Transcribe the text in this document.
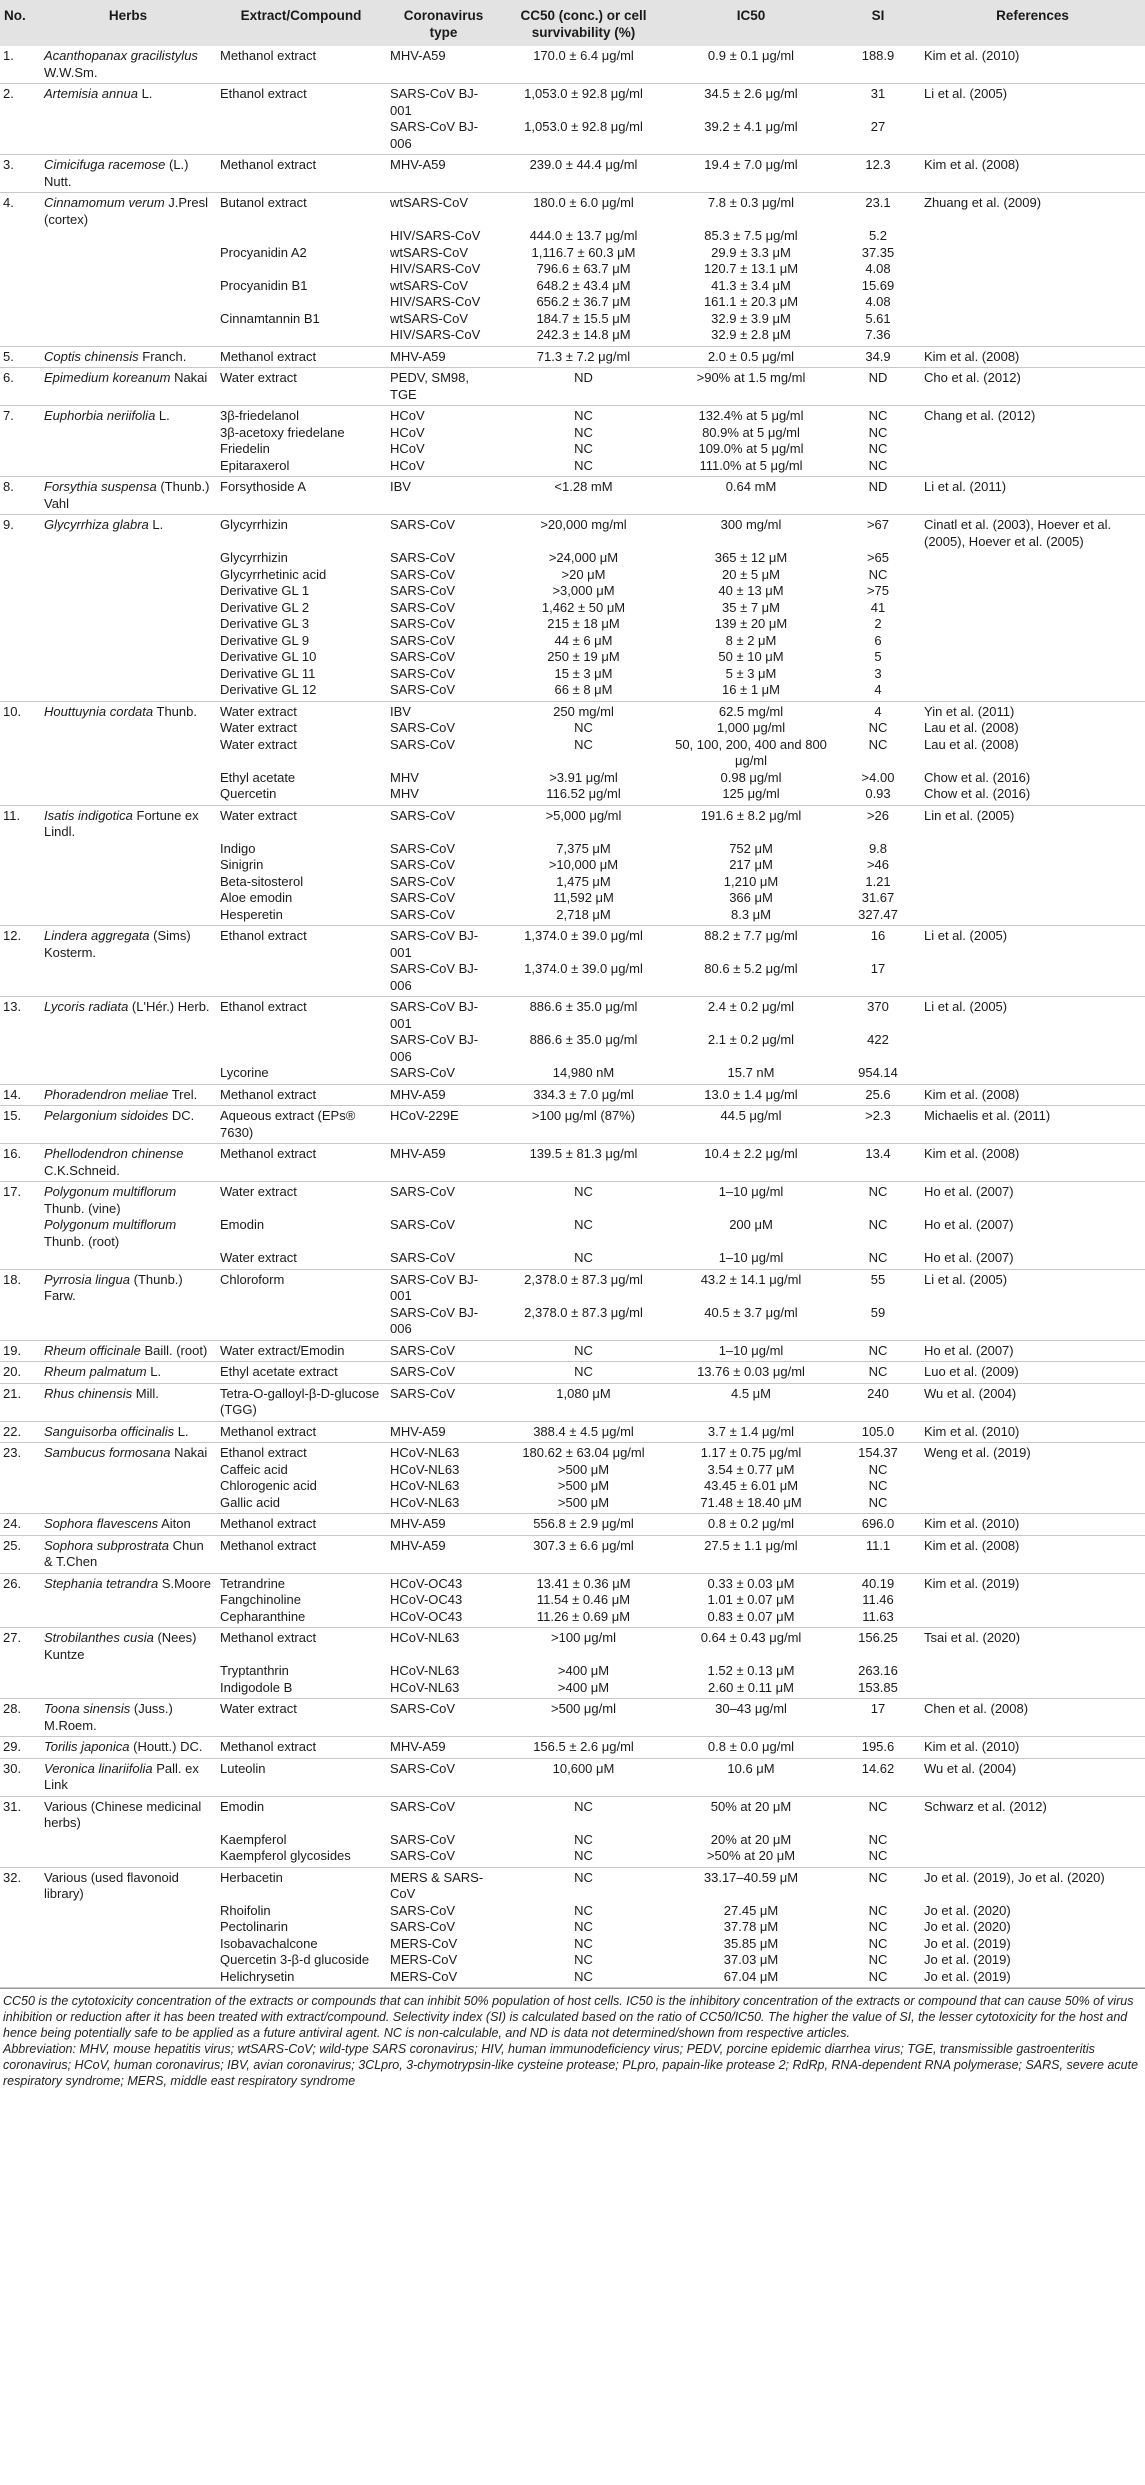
No.	Herbs	Extract/Compound	Coronavirus type	CC50 (conc.) or cell survivability (%)	IC50	SI	References
1.	Acanthopanax gracilistylus W.W.Sm.	Methanol extract	MHV-A59	170.0 ± 6.4 μg/ml	0.9 ± 0.1 μg/ml	188.9	Kim et al. (2010)
2.	Artemisia annua L.	Ethanol extract	SARS-CoV BJ-001	1,053.0 ± 92.8 μg/ml	34.5 ± 2.6 μg/ml	31	Li et al. (2005)
			SARS-CoV BJ-006	1,053.0 ± 92.8 μg/ml	39.2 ± 4.1 μg/ml	27	
3.	Cimicifuga racemose (L.) Nutt.	Methanol extract	MHV-A59	239.0 ± 44.4 μg/ml	19.4 ± 7.0 μg/ml	12.3	Kim et al. (2008)
4.	Cinnamomum verum J.Presl (cortex)	Butanol extract	wtSARS-CoV	180.0 ± 6.0 μg/ml	7.8 ± 0.3 μg/ml	23.1	Zhuang et al. (2009)
			HIV/SARS-CoV	444.0 ± 13.7 μg/ml	85.3 ± 7.5 μg/ml	5.2	
		Procyanidin A2	wtSARS-CoV	1,116.7 ± 60.3 μM	29.9 ± 3.3 μM	37.35	
			HIV/SARS-CoV	796.6 ± 63.7 μM	120.7 ± 13.1 μM	4.08	
		Procyanidin B1	wtSARS-CoV	648.2 ± 43.4 μM	41.3 ± 3.4 μM	15.69	
			HIV/SARS-CoV	656.2 ± 36.7 μM	161.1 ± 20.3 μM	4.08	
		Cinnamtannin B1	wtSARS-CoV	184.7 ± 15.5 μM	32.9 ± 3.9 μM	5.61	
			HIV/SARS-CoV	242.3 ± 14.8 μM	32.9 ± 2.8 μM	7.36	
5.	Coptis chinensis Franch.	Methanol extract	MHV-A59	71.3 ± 7.2 μg/ml	2.0 ± 0.5 μg/ml	34.9	Kim et al. (2008)
6.	Epimedium koreanum Nakai	Water extract	PEDV, SM98, TGE	ND	>90% at 1.5 mg/ml	ND	Cho et al. (2012)
7.	Euphorbia neriifolia L.	3β-friedelanol	HCoV	NC	132.4% at 5 μg/ml	NC	Chang et al. (2012)
		3β-acetoxy friedelane	HCoV	NC	80.9% at 5 μg/ml	NC	
		Friedelin	HCoV	NC	109.0% at 5 μg/ml	NC	
		Epitaraxerol	HCoV	NC	111.0% at 5 μg/ml	NC	
8.	Forsythia suspensa (Thunb.) Vahl	Forsythoside A	IBV	<1.28 mM	0.64 mM	ND	Li et al. (2011)
9.	Glycyrrhiza glabra L.	Glycyrrhizin	SARS-CoV	>20,000 mg/ml	300 mg/ml	>67	Cinatl et al. (2003), Hoever et al. (2005), Hoever et al. (2005)
		Glycyrrhizin	SARS-CoV	>24,000 μM	365 ± 12 μM	>65	
		Glycyrrhetinic acid	SARS-CoV	>20 μM	20 ± 5 μM	NC	
		Derivative GL 1	SARS-CoV	>3,000 μM	40 ± 13 μM	>75	
		Derivative GL 2	SARS-CoV	1,462 ± 50 μM	35 ± 7 μM	41	
		Derivative GL 3	SARS-CoV	215 ± 18 μM	139 ± 20 μM	2	
		Derivative GL 9	SARS-CoV	44 ± 6 μM	8 ± 2 μM	6	
		Derivative GL 10	SARS-CoV	250 ± 19 μM	50 ± 10 μM	5	
		Derivative GL 11	SARS-CoV	15 ± 3 μM	5 ± 3 μM	3	
		Derivative GL 12	SARS-CoV	66 ± 8 μM	16 ± 1 μM	4	
10.	Houttuynia cordata Thunb.	Water extract	IBV	250 mg/ml	62.5 mg/ml	4	Yin et al. (2011)
		Water extract	SARS-CoV	NC	1,000 μg/ml	NC	Lau et al. (2008)
		Water extract	SARS-CoV	NC	50, 100, 200, 400 and 800 μg/ml	NC	Lau et al. (2008)
		Ethyl acetate	MHV	>3.91 μg/ml	0.98 μg/ml	>4.00	Chow et al. (2016)
		Quercetin	MHV	116.52 μg/ml	125 μg/ml	0.93	Chow et al. (2016)
11.	Isatis indigotica Fortune ex Lindl.	Water extract	SARS-CoV	>5,000 μg/ml	191.6 ± 8.2 μg/ml	>26	Lin et al. (2005)
		Indigo	SARS-CoV	7,375 μM	752 μM	9.8	
		Sinigrin	SARS-CoV	>10,000 μM	217 μM	>46	
		Beta-sitosterol	SARS-CoV	1,475 μM	1,210 μM	1.21	
		Aloe emodin	SARS-CoV	11,592 μM	366 μM	31.67	
		Hesperetin	SARS-CoV	2,718 μM	8.3 μM	327.47	
12.	Lindera aggregata (Sims) Kosterm.	Ethanol extract	SARS-CoV BJ-001	1,374.0 ± 39.0 μg/ml	88.2 ± 7.7 μg/ml	16	Li et al. (2005)
			SARS-CoV BJ-006	1,374.0 ± 39.0 μg/ml	80.6 ± 5.2 μg/ml	17	
13.	Lycoris radiata (L'Hér.) Herb.	Ethanol extract	SARS-CoV BJ-001	886.6 ± 35.0 μg/ml	2.4 ± 0.2 μg/ml	370	Li et al. (2005)
			SARS-CoV BJ-006	886.6 ± 35.0 μg/ml	2.1 ± 0.2 μg/ml	422	
		Lycorine	SARS-CoV	14,980 nM	15.7 nM	954.14	
14.	Phoradendron meliae Trel.	Methanol extract	MHV-A59	334.3 ± 7.0 μg/ml	13.0 ± 1.4 μg/ml	25.6	Kim et al. (2008)
15.	Pelargonium sidoides DC.	Aqueous extract (EPs® 7630)	HCoV-229E	>100 μg/ml (87%)	44.5 μg/ml	>2.3	Michaelis et al. (2011)
16.	Phellodendron chinense C.K.Schneid.	Methanol extract	MHV-A59	139.5 ± 81.3 μg/ml	10.4 ± 2.2 μg/ml	13.4	Kim et al. (2008)
17.	Polygonum multiflorum Thunb. (vine)	Water extract	SARS-CoV	NC	1–10 μg/ml	NC	Ho et al. (2007)
	Polygonum multiflorum Thunb. (root)	Emodin	SARS-CoV	NC	200 μM	NC	Ho et al. (2007)
		Water extract	SARS-CoV	NC	1–10 μg/ml	NC	Ho et al. (2007)
18.	Pyrrosia lingua (Thunb.) Farw.	Chloroform	SARS-CoV BJ-001	2,378.0 ± 87.3 μg/ml	43.2 ± 14.1 μg/ml	55	Li et al. (2005)
			SARS-CoV BJ-006	2,378.0 ± 87.3 μg/ml	40.5 ± 3.7 μg/ml	59	
19.	Rheum officinale Baill. (root)	Water extract/Emodin	SARS-CoV	NC	1–10 μg/ml	NC	Ho et al. (2007)
20.	Rheum palmatum L.	Ethyl acetate extract	SARS-CoV	NC	13.76 ± 0.03 μg/ml	NC	Luo et al. (2009)
21.	Rhus chinensis Mill.	Tetra-O-galloyl-β-D-glucose (TGG)	SARS-CoV	1,080 μM	4.5 μM	240	Wu et al. (2004)
22.	Sanguisorba officinalis L.	Methanol extract	MHV-A59	388.4 ± 4.5 μg/ml	3.7 ± 1.4 μg/ml	105.0	Kim et al. (2010)
23.	Sambucus formosana Nakai	Ethanol extract	HCoV-NL63	180.62 ± 63.04 μg/ml	1.17 ± 0.75 μg/ml	154.37	Weng et al. (2019)
		Caffeic acid	HCoV-NL63	>500 μM	3.54 ± 0.77 μM	NC	
		Chlorogenic acid	HCoV-NL63	>500 μM	43.45 ± 6.01 μM	NC	
		Gallic acid	HCoV-NL63	>500 μM	71.48 ± 18.40 μM	NC	
24.	Sophora flavescens Aiton	Methanol extract	MHV-A59	556.8 ± 2.9 μg/ml	0.8 ± 0.2 μg/ml	696.0	Kim et al. (2010)
25.	Sophora subprostrata Chun & T.Chen	Methanol extract	MHV-A59	307.3 ± 6.6 μg/ml	27.5 ± 1.1 μg/ml	11.1	Kim et al. (2008)
26.	Stephania tetrandra S.Moore	Tetrandrine	HCoV-OC43	13.41 ± 0.36 μM	0.33 ± 0.03 μM	40.19	Kim et al. (2019)
		Fangchinoline	HCoV-OC43	11.54 ± 0.46 μM	1.01 ± 0.07 μM	11.46	
		Cepharanthine	HCoV-OC43	11.26 ± 0.69 μM	0.83 ± 0.07 μM	11.63	
27.	Strobilanthes cusia (Nees) Kuntze	Methanol extract	HCoV-NL63	>100 μg/ml	0.64 ± 0.43 μg/ml	156.25	Tsai et al. (2020)
		Tryptanthrin	HCoV-NL63	>400 μM	1.52 ± 0.13 μM	263.16	
		Indigodole B	HCoV-NL63	>400 μM	2.60 ± 0.11 μM	153.85	
28.	Toona sinensis (Juss.) M.Roem.	Water extract	SARS-CoV	>500 μg/ml	30–43 μg/ml	17	Chen et al. (2008)
29.	Torilis japonica (Houtt.) DC.	Methanol extract	MHV-A59	156.5 ± 2.6 μg/ml	0.8 ± 0.0 μg/ml	195.6	Kim et al. (2010)
30.	Veronica linariifolia Pall. ex Link	Luteolin	SARS-CoV	10,600 μM	10.6 μM	14.62	Wu et al. (2004)
31.	Various (Chinese medicinal herbs)	Emodin	SARS-CoV	NC	50% at 20 μM	NC	Schwarz et al. (2012)
		Kaempferol	SARS-CoV	NC	20% at 20 μM	NC	
		Kaempferol glycosides	SARS-CoV	NC	>50% at 20 μM	NC	
32.	Various (used flavonoid library)	Herbacetin	MERS & SARS-CoV	NC	33.17–40.59 μM	NC	Jo et al. (2019), Jo et al. (2020)
		Rhoifolin	SARS-CoV	NC	27.45 μM	NC	Jo et al. (2020)
		Pectolinarin	SARS-CoV	NC	37.78 μM	NC	Jo et al. (2020)
		Isobavachalcone	MERS-CoV	NC	35.85 μM	NC	Jo et al. (2019)
		Quercetin 3-β-d glucoside	MERS-CoV	NC	37.03 μM	NC	Jo et al. (2019)
		Helichrysetin	MERS-CoV	NC	67.04 μM	NC	Jo et al. (2019)

CC50 is the cytotoxicity concentration of the extracts or compounds that can inhibit 50% population of host cells. IC50 is the inhibitory concentration of the extracts or compound that can cause 50% of virus inhibition or reduction after it has been treated with extract/compound. Selectivity index (SI) is calculated based on the ratio of CC50/IC50. The higher the value of SI, the lesser cytotoxicity for the host and hence being potentially safe to be applied as a future antiviral agent. NC is non-calculable, and ND is data not determined/shown from respective articles.

Abbreviation: MHV, mouse hepatitis virus; wtSARS-CoV; wild-type SARS coronavirus; HIV, human immunodeficiency virus; PEDV, porcine epidemic diarrhea virus; TGE, transmissible gastroenteritis coronavirus; HCoV, human coronavirus; IBV, avian coronavirus; 3CLpro, 3-chymotrypsin-like cysteine protease; PLpro, papain-like protease 2; RdRp, RNA-dependent RNA polymerase; SARS, severe acute respiratory syndrome; MERS, middle east respiratory syndrome
